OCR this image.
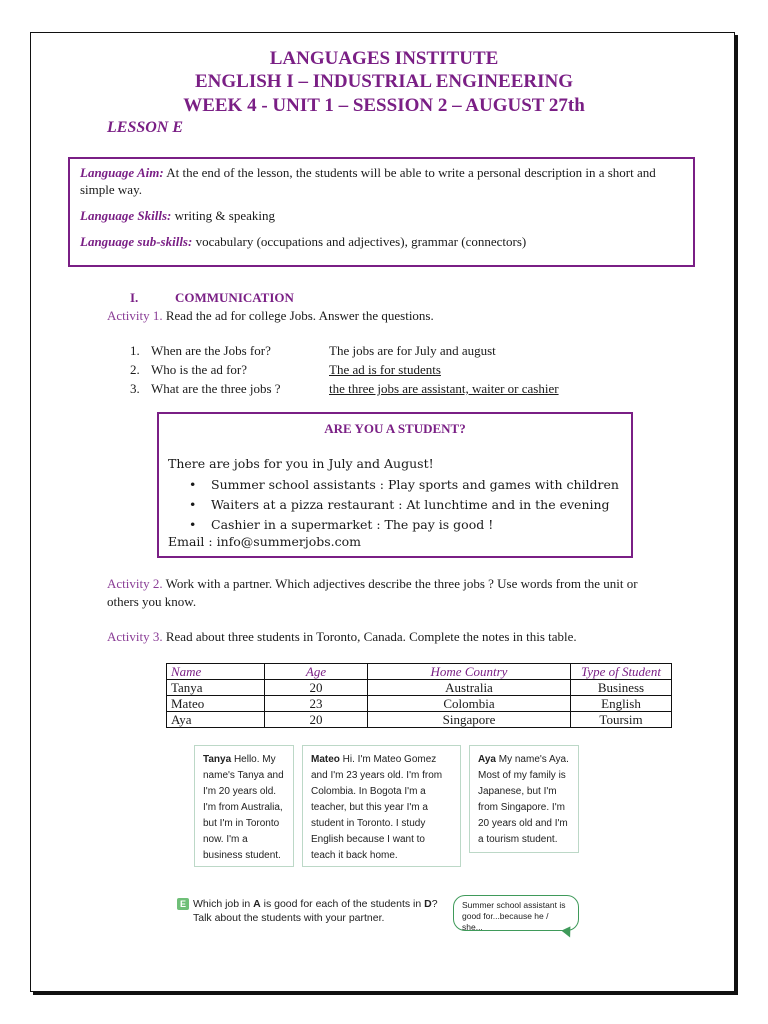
LANGUAGES INSTITUTE
ENGLISH I – INDUSTRIAL ENGINEERING
WEEK 4 - UNIT 1 – SESSION 2 – AUGUST 27th
LESSON E

Language Aim: At the end of the lesson, the students will be able to write a personal description in a short and simple way.

Language Skills: writing & speaking

Language sub-skills: vocabulary (occupations and adjectives), grammar (connectors)

I.	COMMUNICATION
Activity 1. Read the ad for college Jobs. Answer the questions.
1. When are the Jobs for?	The jobs are for July and august
2. Who is the ad for?	The ad is for students
3. What are the three jobs ?	the three jobs are assistant, waiter or cashier
ARE YOU A STUDENT?
There are jobs for you in July and August!
• Summer school assistants : Play sports and games with children
• Waiters at a pizza restaurant : At lunchtime and in the evening
• Cashier in a supermarket : The pay is good !
Email : info@summerjobs.com
Activity 2. Work with a partner. Which adjectives describe the three jobs ? Use words from the unit or others you know.
Activity 3. Read about three students in Toronto, Canada. Complete the notes in this table.
Name	Age	Home Country	Type of Student
Tanya	20	Australia	Business
Mateo	23	Colombia	English
Aya	20	Singapore	Toursim
Tanya Hello. My name's Tanya and I'm 20 years old. I'm from Australia, but I'm in Toronto now. I'm a business student.
Mateo Hi. I'm Mateo Gomez and I'm 23 years old. I'm from Colombia. In Bogota I'm a teacher, but this year I'm a student in Toronto. I study English because I want to teach it back home.
Aya My name's Aya. Most of my family is Japanese, but I'm from Singapore. I'm 20 years old and I'm a tourism student.
E Which job in A is good for each of the students in D?
Talk about the students with your partner.
Summer school assistant is good for...because he / she...
